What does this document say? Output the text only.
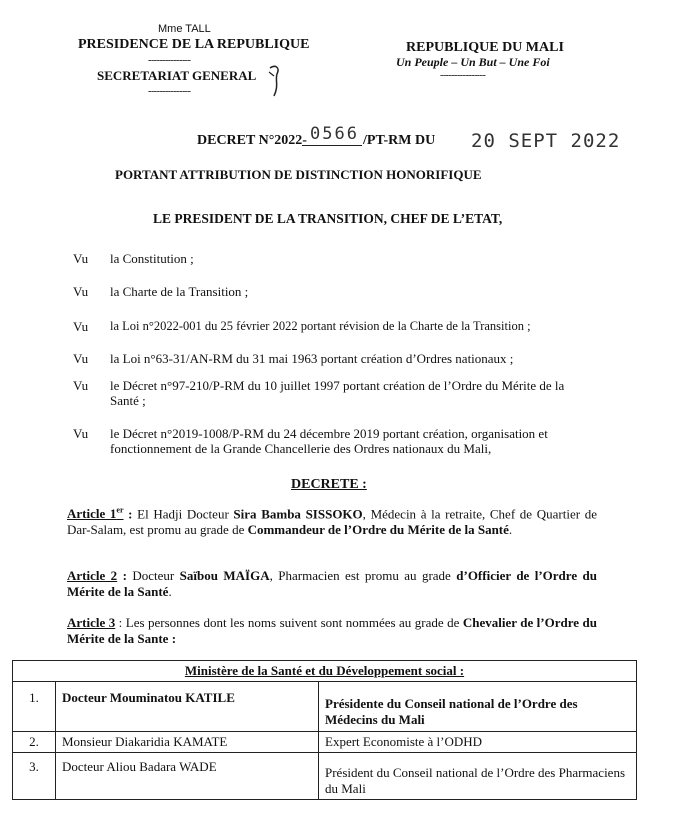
Mme TALL
PRESIDENCE DE LA REPUBLIQUE
---------------
SECRETARIAT GENERAL
---------------
REPUBLIQUE DU MALI
Un Peuple – Un But – Une Foi
----------------
DECRET N°2022- 0566 /PT-RM DU 20 SEPT 2022
PORTANT ATTRIBUTION DE DISTINCTION HONORIFIQUE
LE PRESIDENT DE LA TRANSITION, CHEF DE L’ETAT,
Vu la Constitution ;
Vu la Charte de la Transition ;
Vu la Loi n°2022-001 du 25 février 2022 portant révision de la Charte de la Transition ;
Vu la Loi n°63-31/AN-RM du 31 mai 1963 portant création d’Ordres nationaux ;
Vu le Décret n°97-210/P-RM du 10 juillet 1997 portant création de l’Ordre du Mérite de la Santé ;
Vu le Décret n°2019-1008/P-RM du 24 décembre 2019 portant création, organisation et fonctionnement de la Grande Chancellerie des Ordres nationaux du Mali,
DECRETE :
Article 1er : El Hadji Docteur Sira Bamba SISSOKO, Médecin à la retraite, Chef de Quartier de Dar-Salam, est promu au grade de Commandeur de l’Ordre du Mérite de la Santé.
Article 2 : Docteur Saïbou MAÏGA, Pharmacien est promu au grade d’Officier de l’Ordre du Mérite de la Santé.
Article 3 : Les personnes dont les noms suivent sont nommées au grade de Chevalier de l’Ordre du Mérite de la Sante :
Ministère de la Santé et du Développement social :		
1.	Docteur Mouminatou KATILE	Présidente du Conseil national de l’Ordre des Médecins du Mali
2.	Monsieur Diakaridia KAMATE	Expert Economiste à l’ODHD
3.	Docteur Aliou Badara WADE	Président du Conseil national de l’Ordre des Pharmaciens du Mali
